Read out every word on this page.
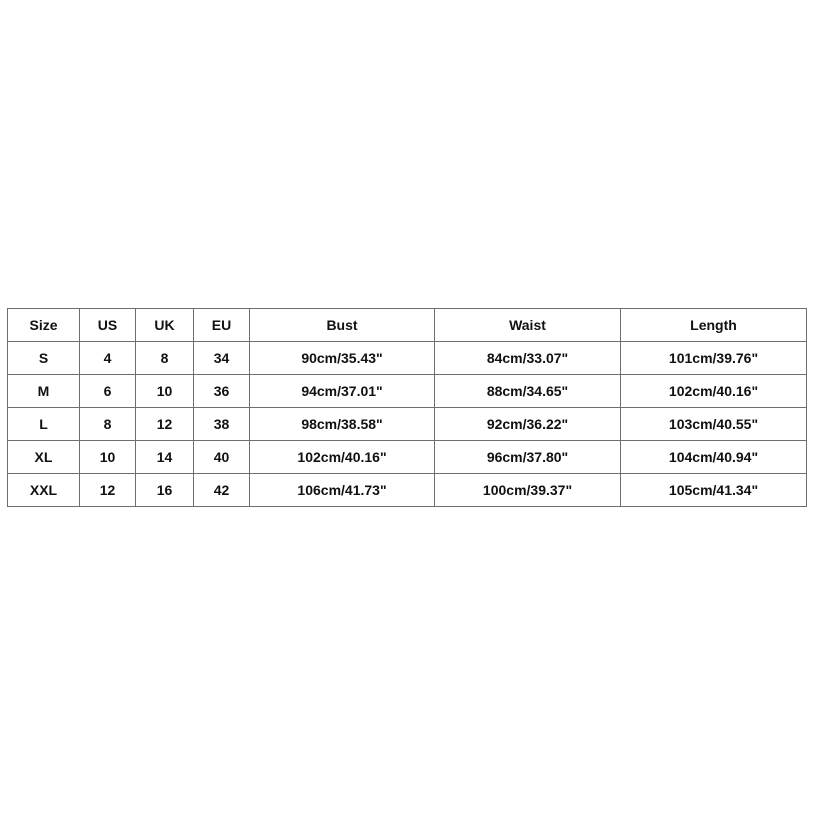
Size	US	UK	EU	Bust	Waist	Length
S	4	8	34	90cm/35.43"	84cm/33.07"	101cm/39.76"
M	6	10	36	94cm/37.01"	88cm/34.65"	102cm/40.16"
L	8	12	38	98cm/38.58"	92cm/36.22"	103cm/40.55"
XL	10	14	40	102cm/40.16"	96cm/37.80"	104cm/40.94"
XXL	12	16	42	106cm/41.73"	100cm/39.37"	105cm/41.34"
